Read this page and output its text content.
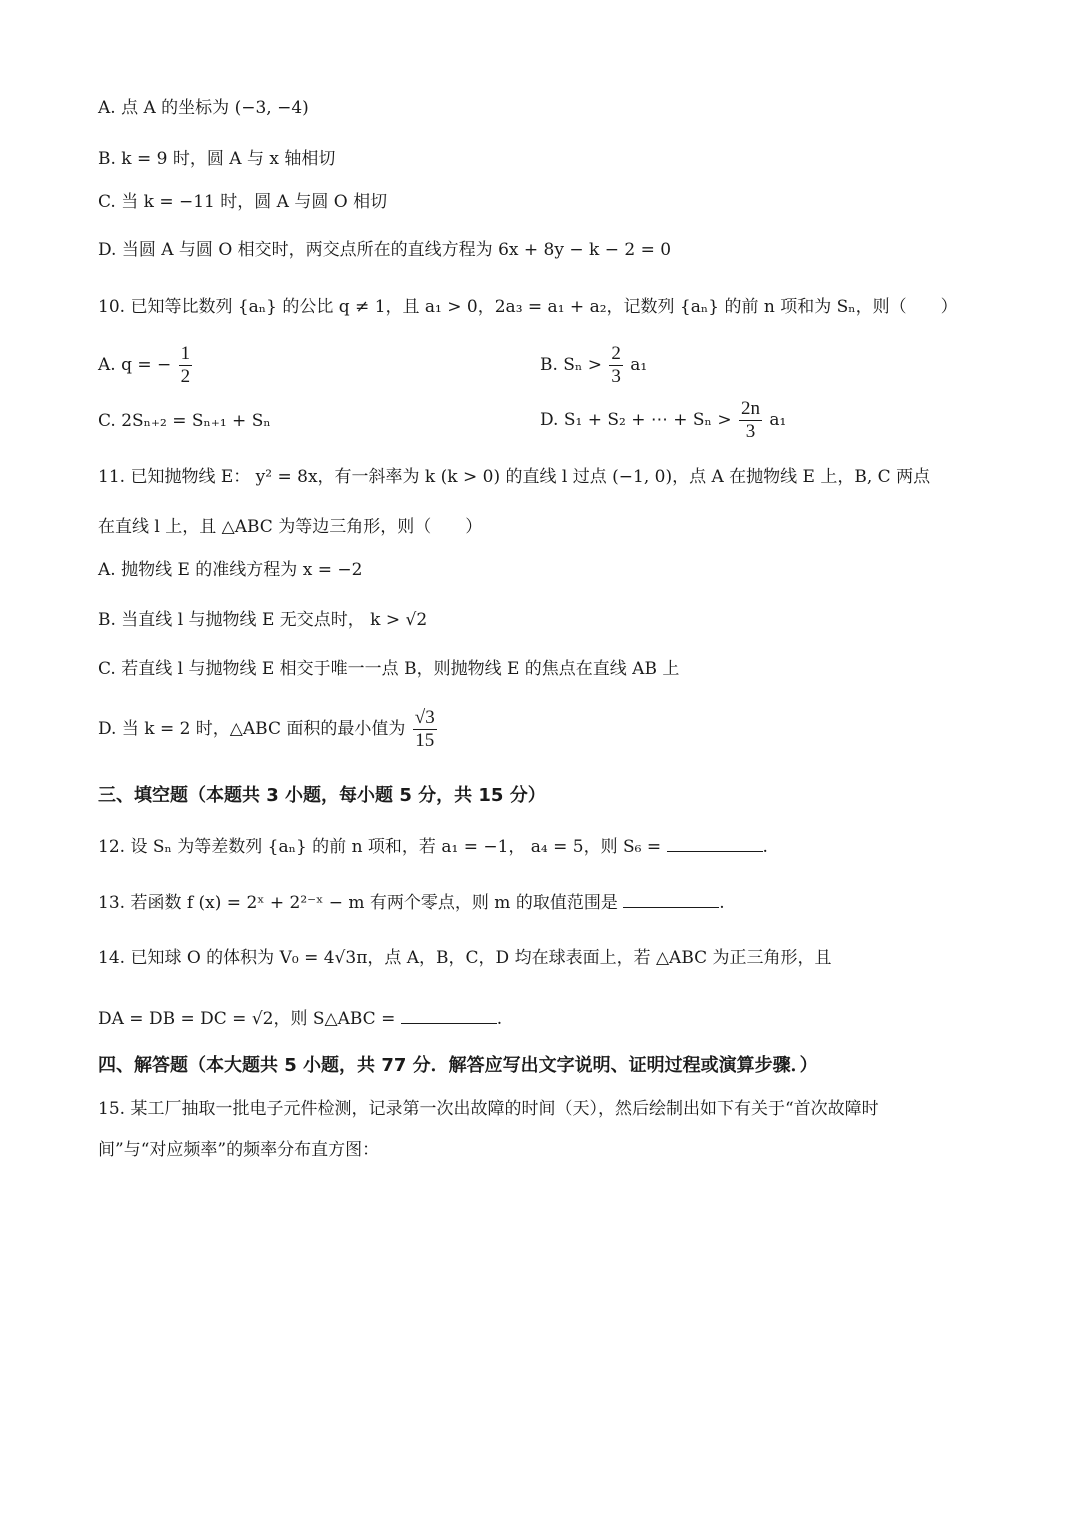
A. 点 A 的坐标为 (−3, −4)
B. k = 9 时，圆 A 与 x 轴相切
C. 当 k = −11 时，圆 A 与圆 O 相切
D. 当圆 A 与圆 O 相交时，两交点所在的直线方程为 6x + 8y − k − 2 = 0
10. 已知等比数列 {aₙ} 的公比 q ≠ 1，且 a₁ > 0，2a₃ = a₁ + a₂，记数列 {aₙ} 的前 n 项和为 Sₙ，则（　　）
A. q = − $\frac{1}{2}$	B. $S_n > \frac{2}{3} a_1$
C. 2Sₙ₊₂ = Sₙ₊₁ + Sₙ	D. S₁ + S₂ + ⋯ + $S_n > \frac{2n}{3} a_1$
11. 已知抛物线 E： y² = 8x，有一斜率为 k (k > 0) 的直线 l 过点 (−1, 0)，点 A 在抛物线 E 上，B, C 两点
在直线 l 上，且 △ABC 为等边三角形，则（　　）
A. 抛物线 E 的准线方程为 x = −2
B. 当直线 l 与抛物线 E 无交点时， k > √2
C. 若直线 l 与抛物线 E 相交于唯一一点 B，则抛物线 E 的焦点在直线 AB 上
D. 当 k = 2 时，△ABC 面积的最小值为 $\frac{√3}{15}$
三、填空题（本题共 3 小题，每小题 5 分，共 15 分）
12. 设 Sₙ 为等差数列 {aₙ} 的前 n 项和，若 a₁ = −1， a₄ = 5，则 S₆ =	.
13. 若函数 f (x) = 2ˣ + 2²⁻ˣ − m 有两个零点，则 m 的取值范围是	.
14. 已知球 O 的体积为 V₀ = 4√3π，点 A，B，C，D 均在球表面上，若 △ABC 为正三角形，且
DA = DB = DC = √2，则 S△ABC =	.
四、解答题（本大题共 5 小题，共 77 分．解答应写出文字说明、证明过程或演算步骤．）
15. 某工厂抽取一批电子元件检测，记录第一次出故障的时间（天），然后绘制出如下有关于“首次故障时
间”与“对应频率”的频率分布直方图：
